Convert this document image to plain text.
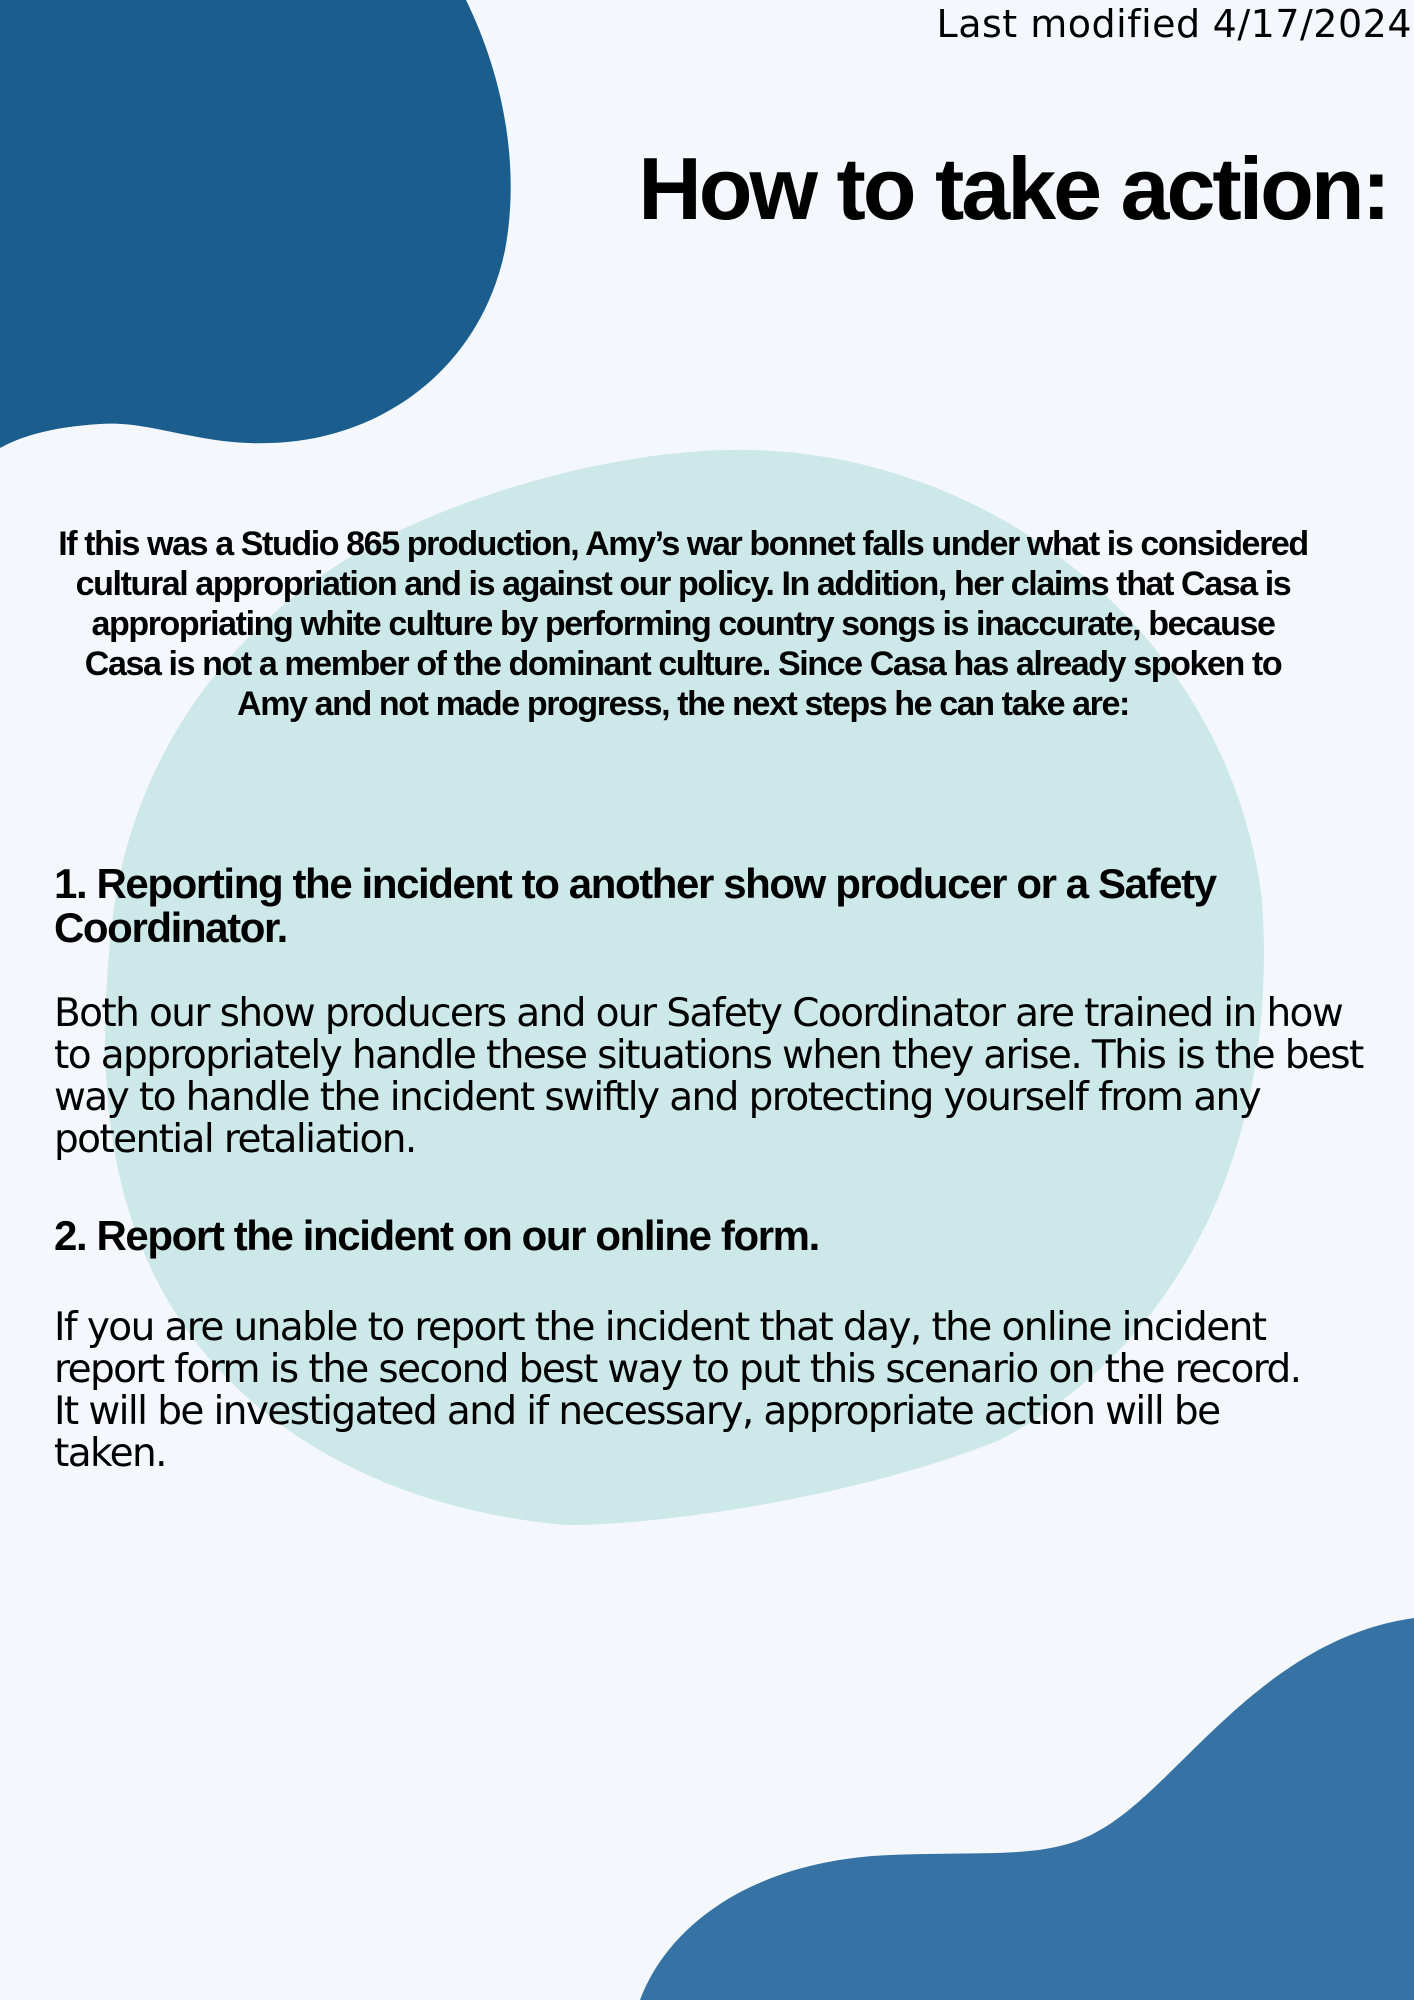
Last modified 4/17/2024
How to take action:

If this was a Studio 865 production, Amy’s war bonnet falls under what is considered cultural appropriation and is against our policy. In addition, her claims that Casa is appropriating white culture by performing country songs is inaccurate, because Casa is not a member of the dominant culture. Since Casa has already spoken to Amy and not made progress, the next steps he can take are:

1. Reporting the incident to another show producer or a Safety Coordinator.

Both our show producers and our Safety Coordinator are trained in how to appropriately handle these situations when they arise. This is the best way to handle the incident swiftly and protecting yourself from any potential retaliation.

2. Report the incident on our online form.

If you are unable to report the incident that day, the online incident report form is the second best way to put this scenario on the record. It will be investigated and if necessary, appropriate action will be taken.
